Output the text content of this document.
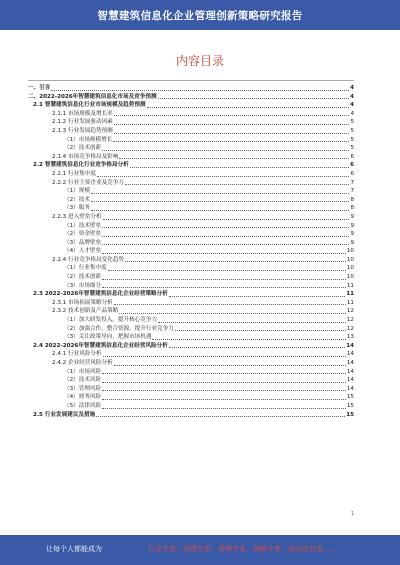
智慧建筑信息化企业管理创新策略研究报告
内容目录
一、引言	4
二、2022-2026年智慧建筑信息化市场及竞争预测	4
2.1 智慧建筑信息化行业市场规模及趋势预测	4
2.1.1 市场规模及增长率	4
2.1.2 行业发展驱动因素	5
2.1.3 行业发展趋势预测	5
（1）市场规模增长	5
（2）技术创新	5
2.1.4 市场竞争格局及影响	6
2.2 智慧建筑信息化行业竞争格局分析	6
2.2.1 行业集中度	6
2.2.2 行业主要企业及竞争力	7
（1）规模	7
（2）技术	8
（3）服务	8
2.2.3 进入壁垒分析	9
（1）技术壁垒	9
（2）资金壁垒	9
（3）品牌壁垒	9
（4）人才壁垒	10
2.2.4 行业竞争格局变化趋势	10
（1）行业集中度	10
（2）技术创新	10
（3）市场细分	11
2.3 2022-2026年智慧建筑信息化企业经营策略分析	11
2.3.1 市场拓展策略分析	11
2.3.2 技术创新及产品策略	12
（1）加大研发投入，提升核心竞争力	12
（2）加强合作，整合资源，提升行业竞争力	12
（3）关注政策导向，把握市场机遇	13
2.4 2022-2026年智慧建筑信息化企业经营风险分析	14
2.4.1 行业风险分析	14
2.4.2 企业经营风险分析	14
（1）市场风险	14
（2）技术风险	14
（3）管理风险	14
（4）财务风险	15
（5）法律风险	15
2.5 行业发展建议及措施	15
1
让每个人都能成为	行业专家、管理专家、营销专家、战略专家、成功企业家……
